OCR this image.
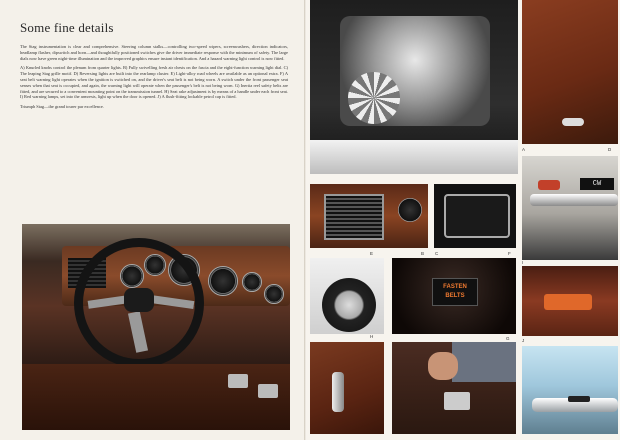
Some fine details

The Stag instrumentation is clear and comprehensive. Steering column stalks—controlling two-speed wipers, screenwashers, direction indicators, headlamp flasher, dipswitch and horn—and thoughtfully positioned switches give the driver immediate response with the minimum of safety. The large dials now have green night-time illumination and the improved graphics ensure instant identification. And a hazard warning light control is now fitted.

A) Knurled knobs control the plenum from quarter lights. B) Fully swivelling fresh air chests on the fascia and the eight-function warning light dial. C) The leaping Stag grille motif. D) Reversing lights are built into the rearlamp cluster. E) Light-alloy road wheels are available as an optional extra. F) A seat belt warning light operates when the ignition is switched on, and the driver's seat belt is not being worn. A switch under the front passenger seat senses when that seat is occupied, and again, the warning light will operate when the passenger's belt is not being worn. G) Inertia reel safety belts are fitted, and are secured to a convenient mounting point on the transmission tunnel. H) Seat rake adjustment is by means of a handle under each front seat. I) Red warning lamps, set into the armrests, light up when the door is opened. J) A flush-fitting lockable petrol cap is fitted.

Triumph Stag—the grand tourer par excellence.

A	D
CW
E	B C	F
H
FASTEN BELTS
G
I
J
